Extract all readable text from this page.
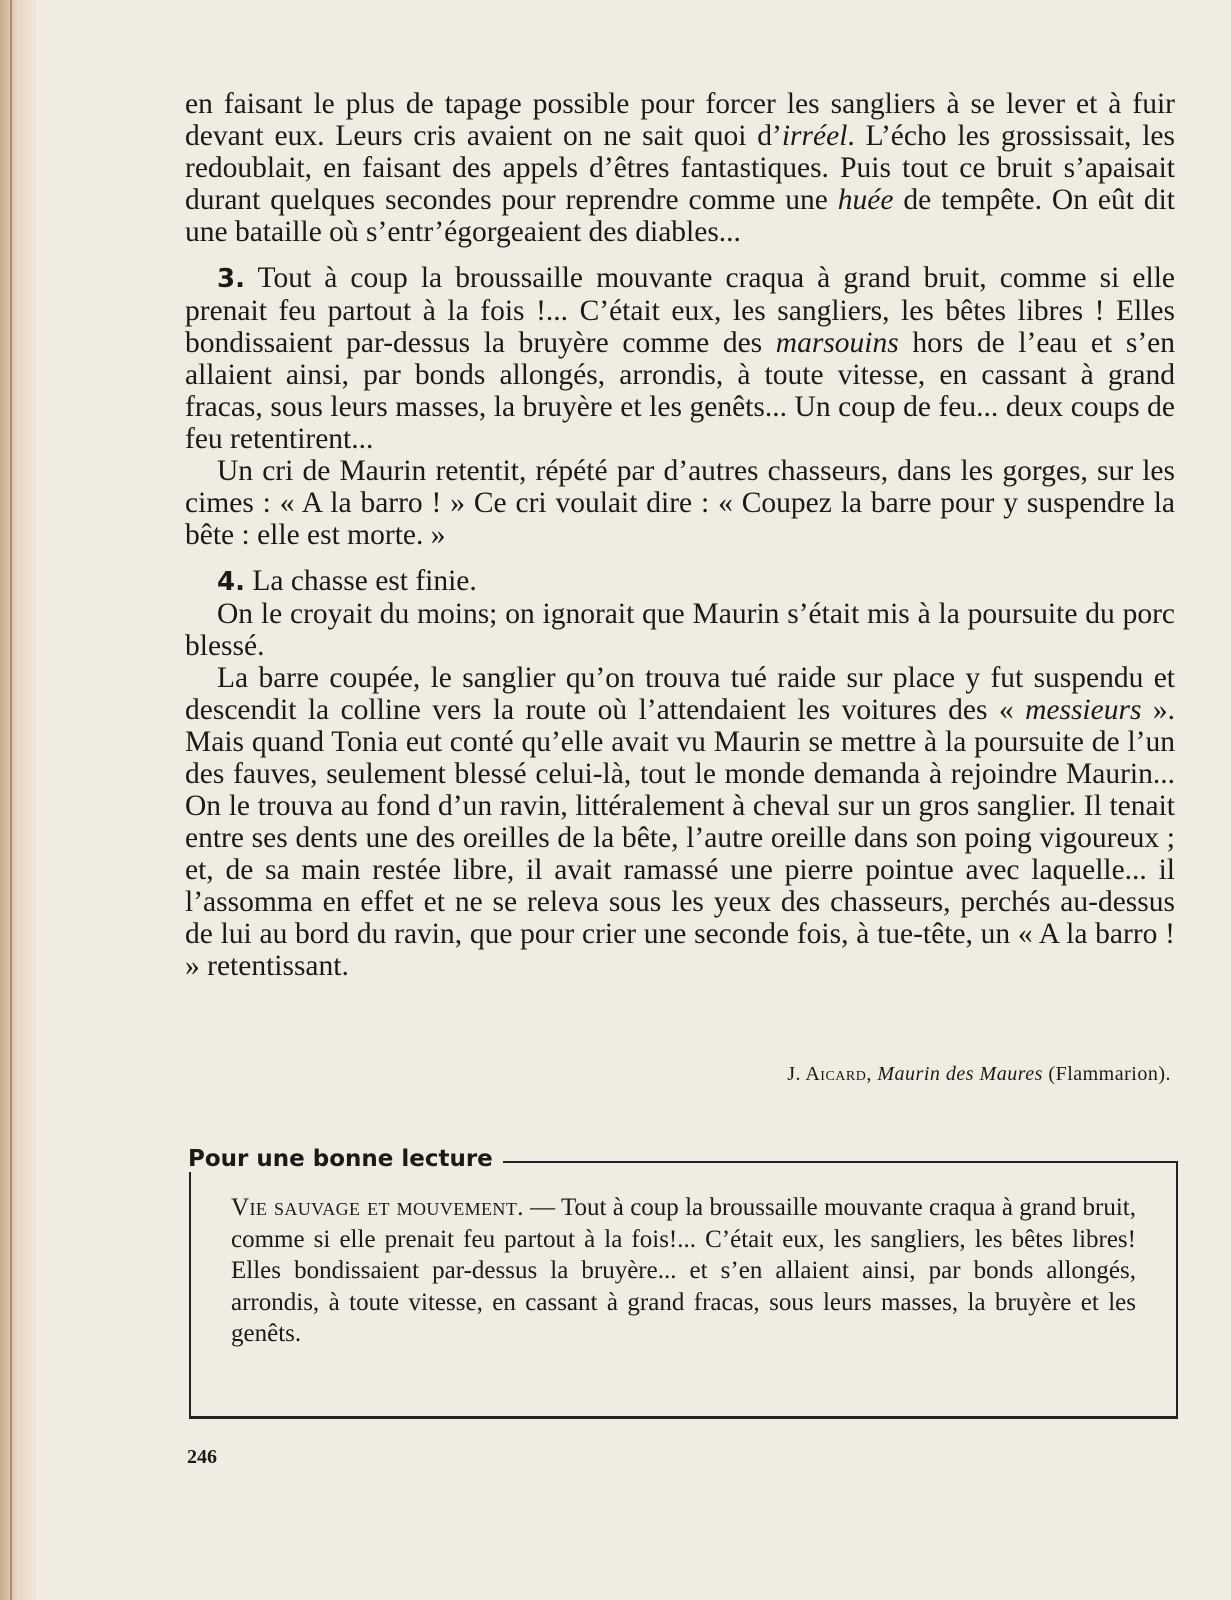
en faisant le plus de tapage possible pour forcer les sangliers à se lever et à fuir devant eux. Leurs cris avaient on ne sait quoi d’irréel. L’écho les grossissait, les redoublait, en faisant des appels d’êtres fantastiques. Puis tout ce bruit s’apaisait durant quelques secondes pour reprendre comme une huée de tempête. On eût dit une bataille où s’entr’égorgeaient des diables...

3. Tout à coup la broussaille mouvante craqua à grand bruit, comme si elle prenait feu partout à la fois !... C’était eux, les sangliers, les bêtes libres ! Elles bondissaient par-dessus la bruyère comme des marsouins hors de l’eau et s’en allaient ainsi, par bonds allongés, arrondis, à toute vitesse, en cassant à grand fracas, sous leurs masses, la bruyère et les genêts... Un coup de feu... deux coups de feu retentirent...

Un cri de Maurin retentit, répété par d’autres chasseurs, dans les gorges, sur les cimes : « A la barro ! » Ce cri voulait dire : « Coupez la barre pour y suspendre la bête : elle est morte. »

4. La chasse est finie.

On le croyait du moins; on ignorait que Maurin s’était mis à la poursuite du porc blessé.

La barre coupée, le sanglier qu’on trouva tué raide sur place y fut suspendu et descendit la colline vers la route où l’attendaient les voitures des « messieurs ». Mais quand Tonia eut conté qu’elle avait vu Maurin se mettre à la poursuite de l’un des fauves, seulement blessé celui-là, tout le monde demanda à rejoindre Maurin... On le trouva au fond d’un ravin, littéralement à cheval sur un gros sanglier. Il tenait entre ses dents une des oreilles de la bête, l’autre oreille dans son poing vigoureux ; et, de sa main restée libre, il avait ramassé une pierre pointue avec laquelle... il l’assomma en effet et ne se releva sous les yeux des chasseurs, perchés au-dessus de lui au bord du ravin, que pour crier une seconde fois, à tue-tête, un « A la barro ! » retentissant.

J. Aicard, Maurin des Maures (Flammarion).
Pour une bonne lecture
Vie sauvage et mouvement. — Tout à coup la broussaille mouvante craqua à grand bruit, comme si elle prenait feu partout à la fois!... C’était eux, les sangliers, les bêtes libres! Elles bondissaient par-dessus la bruyère... et s’en allaient ainsi, par bonds allongés, arrondis, à toute vitesse, en cassant à grand fracas, sous leurs masses, la bruyère et les genêts.
246
